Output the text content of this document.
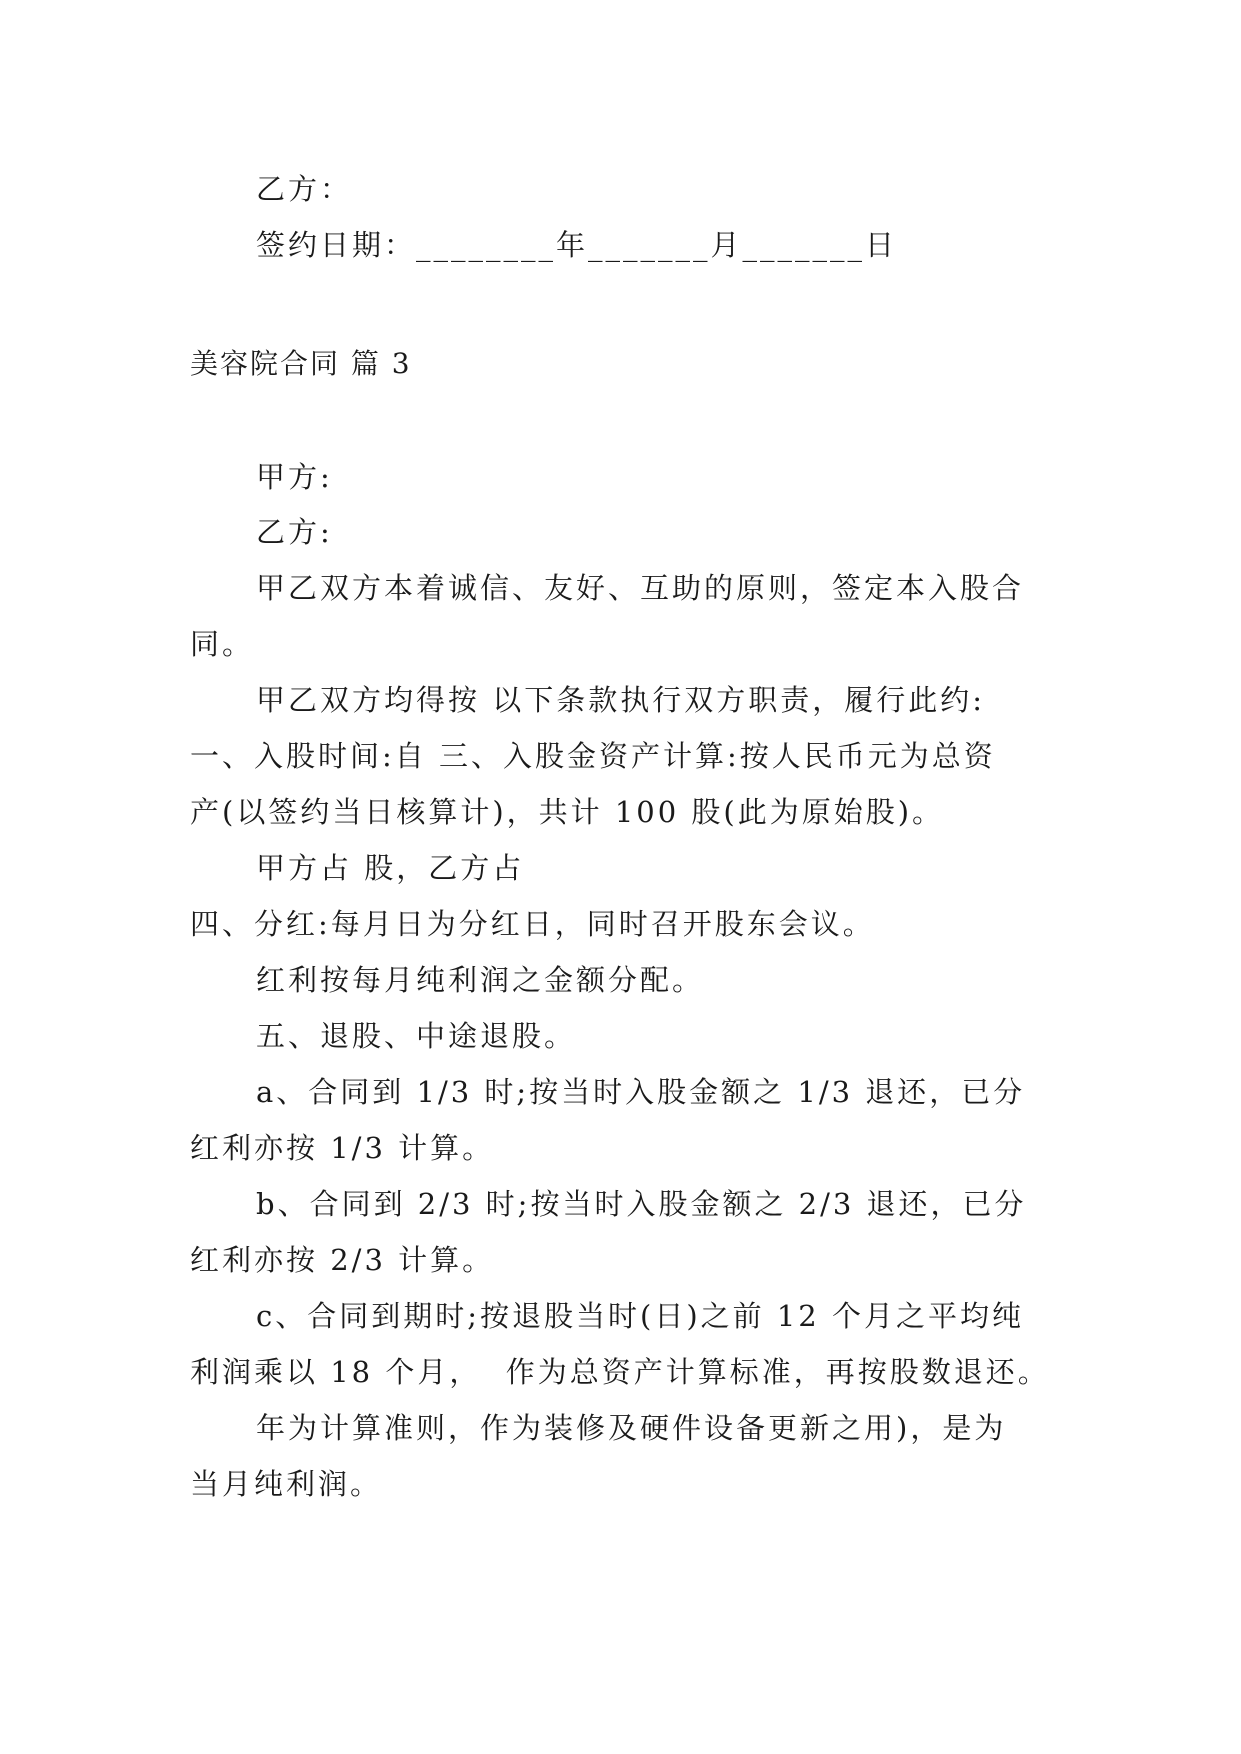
乙方：
签约日期：________年_______月_______日
美容院合同 篇 3
甲方:
乙方:
甲乙双方本着诚信、友好、互助的原则，签定本入股合
同。
甲乙双方均得按 以下条款执行双方职责，履行此约:
一、入股时间:自 三、入股金资产计算:按人民币元为总资
产(以签约当日核算计)，共计 100 股(此为原始股)。
甲方占 股，乙方占
四、分红:每月日为分红日，同时召开股东会议。
红利按每月纯利润之金额分配。
五、退股、中途退股。
a、合同到 1/3 时;按当时入股金额之 1/3 退还，已分
红利亦按 1/3 计算。
b、合同到 2/3 时;按当时入股金额之 2/3 退还，已分
红利亦按 2/3 计算。
c、合同到期时;按退股当时(日)之前 12 个月之平均纯
利润乘以 18 个月，  作为总资产计算标准，再按股数退还。
年为计算准则，作为装修及硬件设备更新之用)，是为
当月纯利润。
